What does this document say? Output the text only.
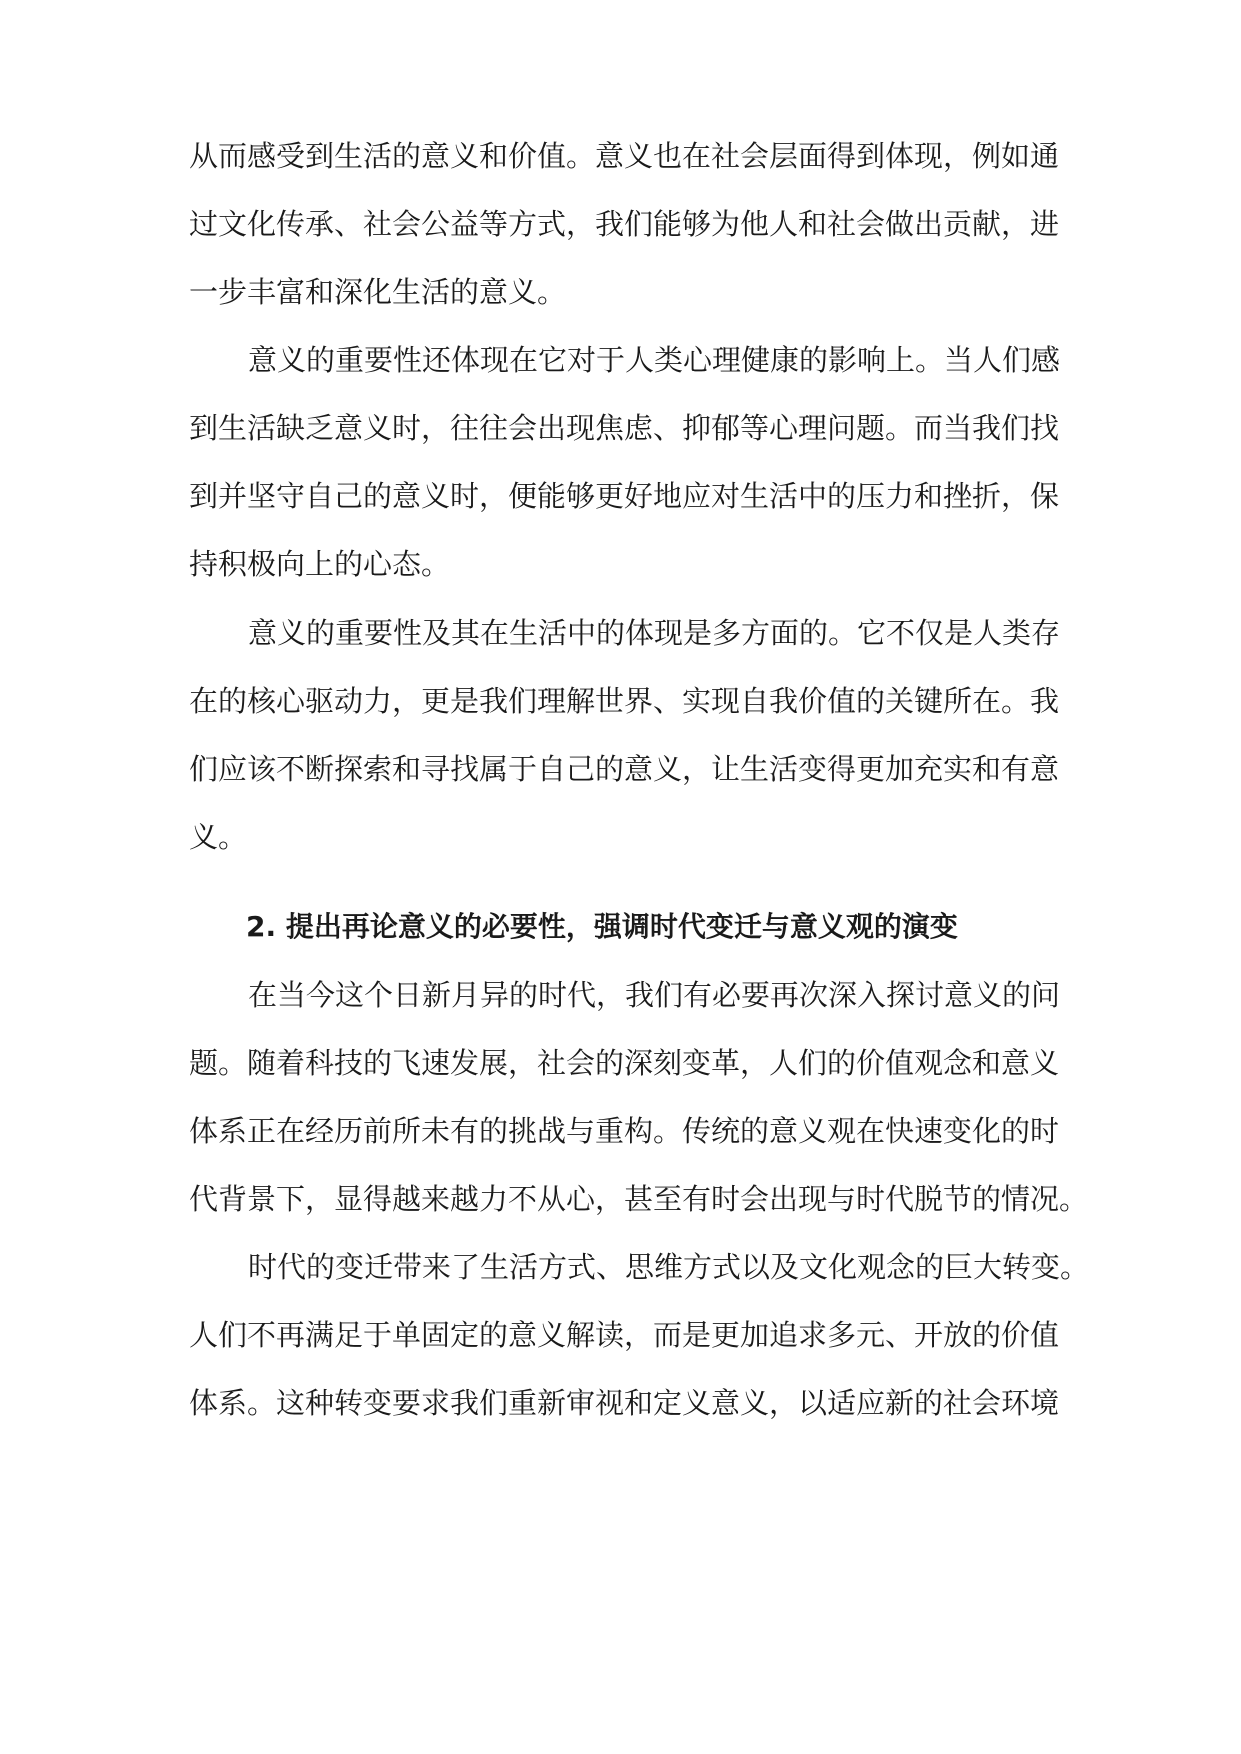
从而感受到生活的意义和价值。意义也在社会层面得到体现，例如通
过文化传承、社会公益等方式，我们能够为他人和社会做出贡献，进
一步丰富和深化生活的意义。
意义的重要性还体现在它对于人类心理健康的影响上。当人们感
到生活缺乏意义时，往往会出现焦虑、抑郁等心理问题。而当我们找
到并坚守自己的意义时，便能够更好地应对生活中的压力和挫折，保
持积极向上的心态。
意义的重要性及其在生活中的体现是多方面的。它不仅是人类存
在的核心驱动力，更是我们理解世界、实现自我价值的关键所在。我
们应该不断探索和寻找属于自己的意义，让生活变得更加充实和有意
义。
2. 提出再论意义的必要性，强调时代变迁与意义观的演变
在当今这个日新月异的时代，我们有必要再次深入探讨意义的问
题。随着科技的飞速发展，社会的深刻变革，人们的价值观念和意义
体系正在经历前所未有的挑战与重构。传统的意义观在快速变化的时
代背景下，显得越来越力不从心，甚至有时会出现与时代脱节的情况。
时代的变迁带来了生活方式、思维方式以及文化观念的巨大转变。
人们不再满足于单固定的意义解读，而是更加追求多元、开放的价值
体系。这种转变要求我们重新审视和定义意义，以适应新的社会环境
